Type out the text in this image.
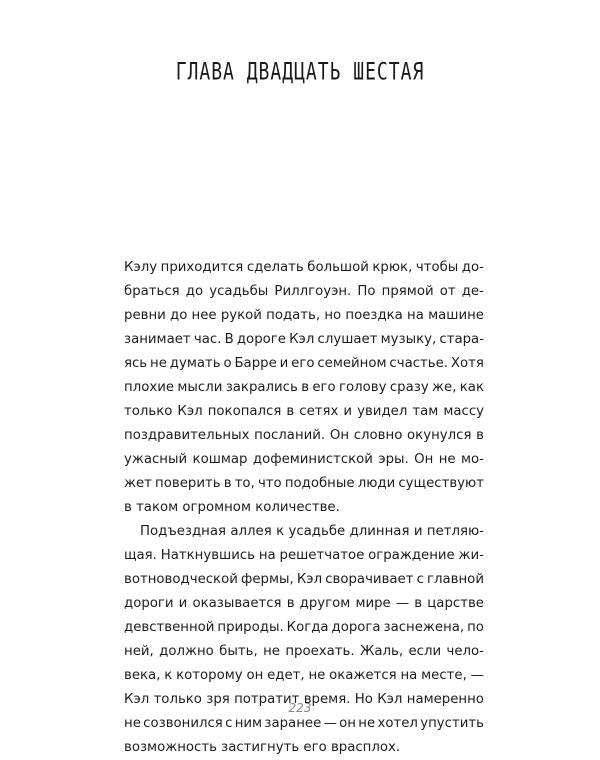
ГЛАВА ДВАДЦАТЬ ШЕСТАЯ
Кэлу приходится сделать большой крюк, чтобы до-
браться до усадьбы Риллгоуэн. По прямой от де-
ревни до нее рукой подать, но поездка на машине
занимает час. В дороге Кэл слушает музыку, стара-
ясь не думать о Барре и его семейном счастье. Хотя
плохие мысли закрались в его голову сразу же, как
только Кэл покопался в сетях и увидел там массу
поздравительных посланий. Он словно окунулся в
ужасный кошмар дофеминистской эры. Он не мо-
жет поверить в то, что подобные люди существуют
в таком огромном количестве.
Подъездная аллея к усадьбе длинная и петляю-
щая. Наткнувшись на решетчатое ограждение жи-
вотноводческой фермы, Кэл сворачивает с главной
дороги и оказывается в другом мире — в царстве
девственной природы. Когда дорога заснежена, по
ней, должно быть, не проехать. Жаль, если чело-
века, к которому он едет, не окажется на месте, —
Кэл только зря потратит время. Но Кэл намеренно
не созвонился с ним заранее — он не хотел упустить
возможность застигнуть его врасплох.
223
